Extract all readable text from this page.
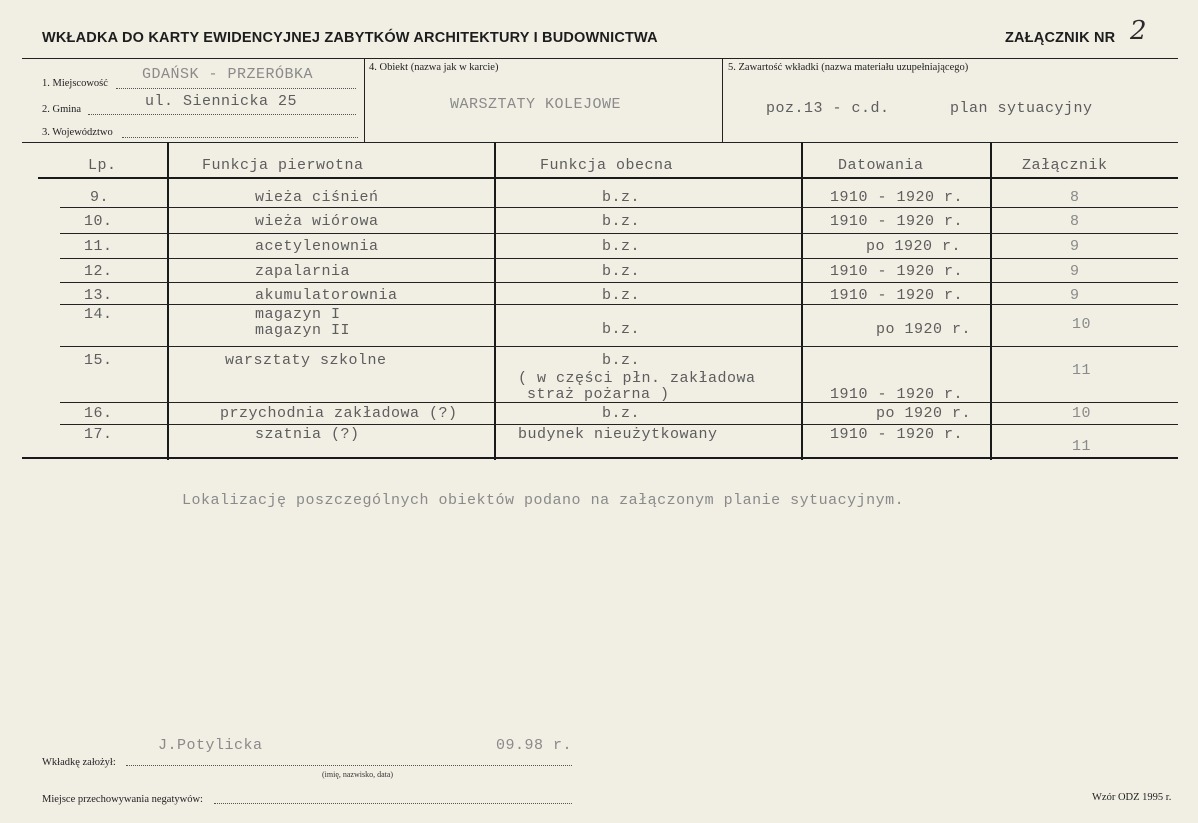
WKŁADKA DO KARTY EWIDENCYJNEJ ZABYTKÓW ARCHITEKTURY I BUDOWNICTWA	ZAŁĄCZNIK NR 2
1. Miejscowość
GDAŃSK - PRZERÓBKA
2. Gmina	ul. Siennicka 25
3. Województwo
4. Obiekt (nazwa jak w karcie)
WARSZTATY KOLEJOWE
5. Zawartość wkładki (nazwa materiału uzupełniającego)
poz.13 - c.d.	plan sytuacyjny
Lp.	Funkcja pierwotna	Funkcja obecna	Datowania	Załącznik
9.	wieża ciśnień	b.z.	1910 - 1920 r.	8
10.	wieża wiórowa	b.z.	1910 - 1920 r.	8
11.	acetylenownia	b.z.	po 1920 r.	9
12.	zapalarnia	b.z.	1910 - 1920 r.	9
13.	akumulatorownia	b.z.	1910 - 1920 r.	9
14.	magazyn I
magazyn II	b.z.	po 1920 r.	10
15.	warsztaty szkolne	b.z.
( w części płn. zakładowa
straż pożarna )	1910 - 1920 r.
11
16.	przychodnia zakładowa (?)	b.z.	po 1920 r.	10
17.	szatnia (?)	budynek nieużytkowany	1910 - 1920 r.
11
Lokalizację poszczególnych obiektów podano na załączonym planie sytuacyjnym.
J.Potylicka	09.98 r.
Wkładkę założył:
(imię, nazwisko, data)
Miejsce przechowywania negatywów:	Wzór ODZ 1995 r.
